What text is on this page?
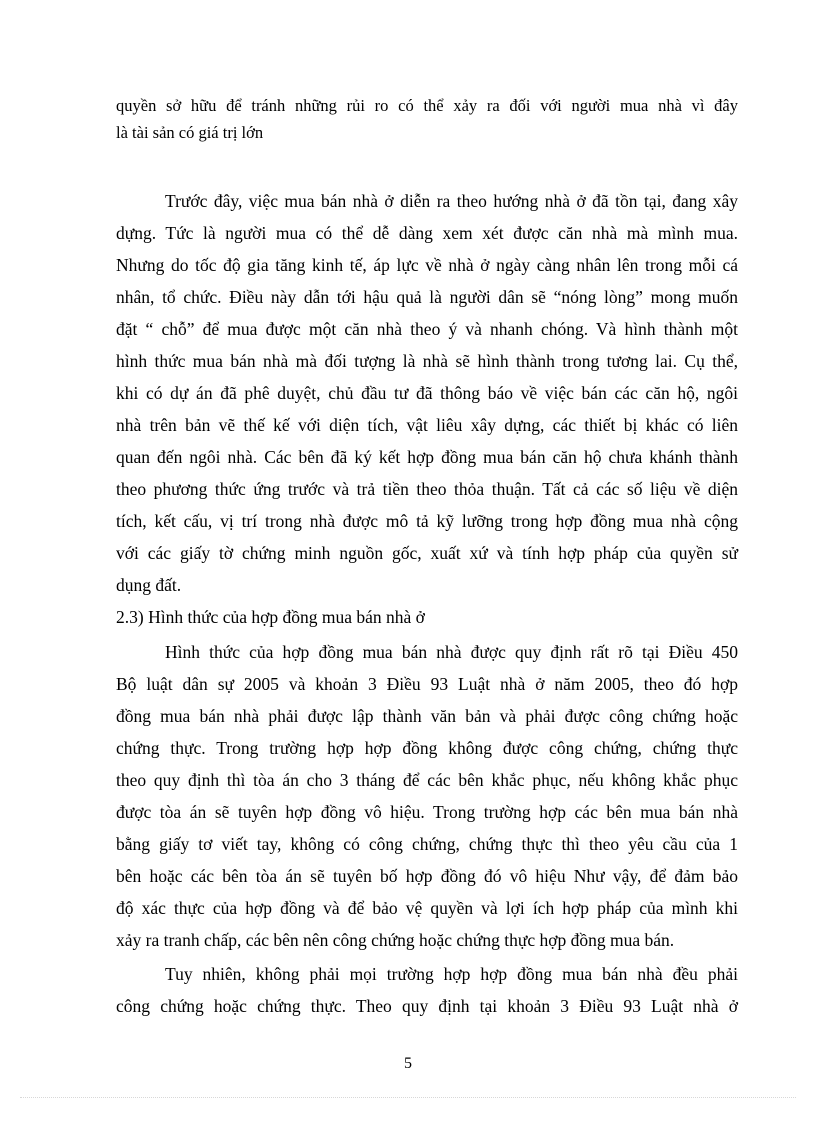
quyền sở hữu để tránh những rủi ro có thể xảy ra đối với người mua nhà vì đây
là tài sản có giá trị lớn
Trước đây, việc mua bán nhà ở diễn ra theo hướng nhà ở đã tồn tại, đang xây
dựng. Tức là người mua có thể dễ dàng xem xét được căn nhà mà mình mua.
Nhưng do tốc độ gia tăng kinh tế, áp lực về nhà ở ngày càng nhân lên trong mỗi cá
nhân, tổ chức. Điều này dẫn tới hậu quả là người dân sẽ “nóng lòng” mong muốn
đặt “ chỗ” để mua được một căn nhà theo ý và nhanh chóng. Và hình thành một
hình thức mua bán nhà mà đối tượng là nhà sẽ hình thành trong tương lai. Cụ thể,
khi có dự án đã phê duyệt, chủ đầu tư đã thông báo về việc bán các căn hộ, ngôi
nhà trên bản vẽ thế kế với diện tích, vật liêu xây dựng, các thiết bị khác có liên
quan đến ngôi nhà. Các bên đã ký kết hợp đồng mua bán căn hộ chưa khánh thành
theo phương thức ứng trước và trả tiền theo thỏa thuận. Tất cả các số liệu về diện
tích, kết cấu, vị trí trong nhà được mô tả kỹ lưỡng trong hợp đồng mua nhà cộng
với các giấy tờ chứng minh nguồn gốc, xuất xứ và tính hợp pháp của quyền sử
dụng đất.
2.3) Hình thức của hợp đồng mua bán nhà ở
Hình thức của hợp đồng mua bán nhà được quy định rất rõ tại Điều 450
Bộ luật dân sự 2005 và khoản 3 Điều 93 Luật nhà ở năm 2005, theo đó hợp
đồng mua bán nhà phải được lập thành văn bản và phải được công chứng hoặc
chứng thực. Trong trường hợp hợp đồng không được công chứng, chứng thực
theo quy định thì tòa án cho 3 tháng để các bên khắc phục, nếu không khắc phục
được tòa án sẽ tuyên hợp đồng vô hiệu. Trong trường hợp các bên mua bán nhà
bằng giấy tơ viết tay, không có công chứng, chứng thực thì theo yêu cầu của 1
bên hoặc các bên tòa án sẽ tuyên bố hợp đồng đó vô hiệu Như vậy, để đảm bảo
độ xác thực của hợp đồng và để bảo vệ quyền và lợi ích hợp pháp của mình khi
xảy ra tranh chấp, các bên nên công chứng hoặc chứng thực hợp đồng mua bán.
Tuy nhiên, không phải mọi trường hợp hợp đồng mua bán nhà đều phải
công chứng hoặc chứng thực. Theo quy định tại khoản 3 Điều 93 Luật nhà ở
5
